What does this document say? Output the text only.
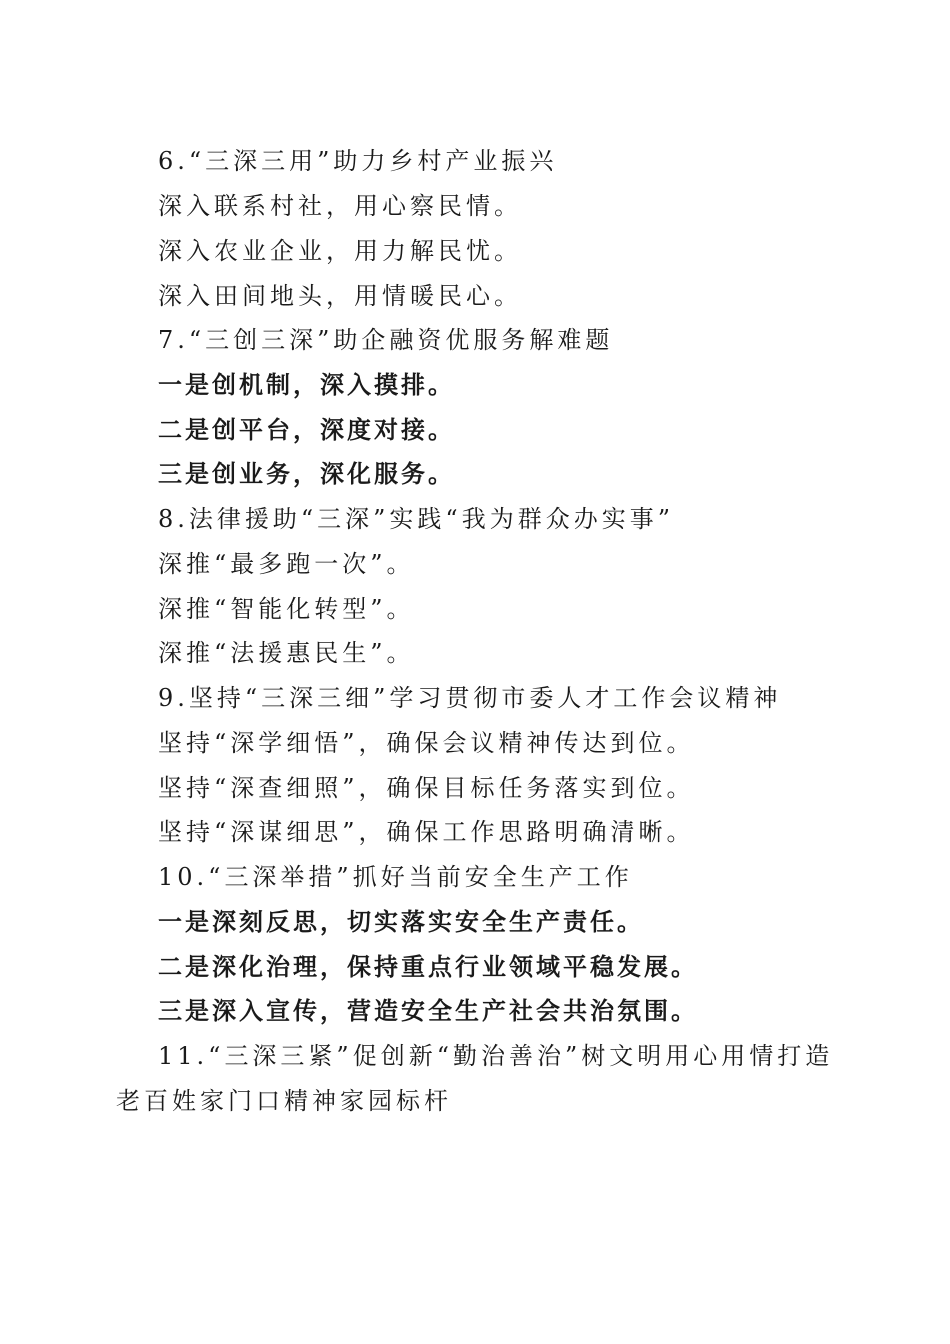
6.“三深三用”助力乡村产业振兴
深入联系村社，用心察民情。
深入农业企业，用力解民忧。
深入田间地头，用情暖民心。
7.“三创三深”助企融资优服务解难题
一是创机制，深入摸排。
二是创平台，深度对接。
三是创业务，深化服务。
8.法律援助“三深”实践“我为群众办实事”
深推“最多跑一次”。
深推“智能化转型”。
深推“法援惠民生”。
9.坚持“三深三细”学习贯彻市委人才工作会议精神
坚持“深学细悟”，确保会议精神传达到位。
坚持“深查细照”，确保目标任务落实到位。
坚持“深谋细思”，确保工作思路明确清晰。
10.“三深举措”抓好当前安全生产工作
一是深刻反思，切实落实安全生产责任。
二是深化治理，保持重点行业领域平稳发展。
三是深入宣传，营造安全生产社会共治氛围。
11.“三深三紧”促创新“勤治善治”树文明用心用情打造
老百姓家门口精神家园标杆
